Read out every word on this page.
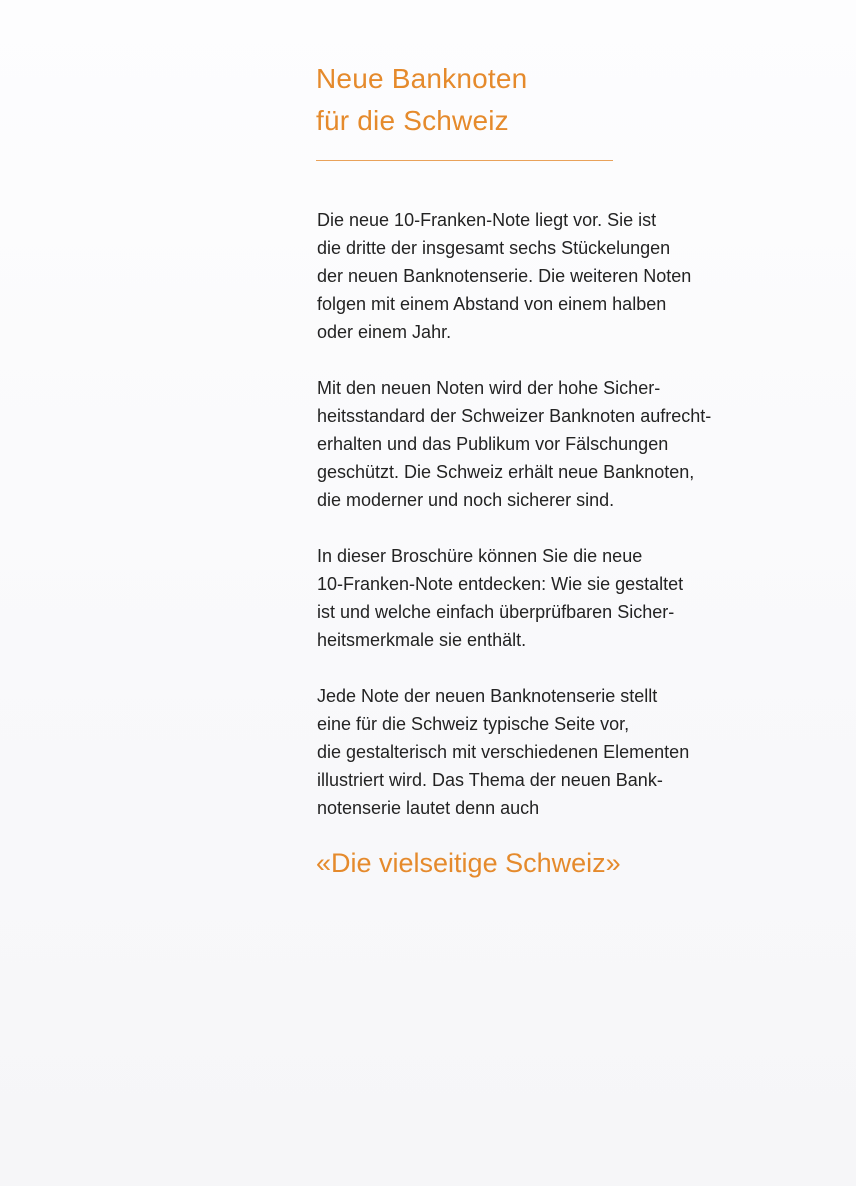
Neue Banknoten
für die Schweiz

Die neue 10-Franken-Note liegt vor. Sie ist
die dritte der insgesamt sechs Stückelungen
der neuen Banknotenserie. Die weiteren Noten
folgen mit einem Abstand von einem halben
oder einem Jahr.

Mit den neuen Noten wird der hohe Sicher-
heitsstandard der Schweizer Banknoten aufrecht-
erhalten und das Publikum vor Fälschungen
geschützt. Die Schweiz erhält neue Banknoten,
die moderner und noch sicherer sind.

In dieser Broschüre können Sie die neue
10-Franken-Note entdecken: Wie sie gestaltet
ist und welche einfach überprüfbaren Sicher-
heitsmerkmale sie enthält.

Jede Note der neuen Banknotenserie stellt
eine für die Schweiz typische Seite vor,
die gestalterisch mit verschiedenen Elementen
illustriert wird. Das Thema der neuen Bank-
notenserie lautet denn auch

«Die vielseitige Schweiz»
